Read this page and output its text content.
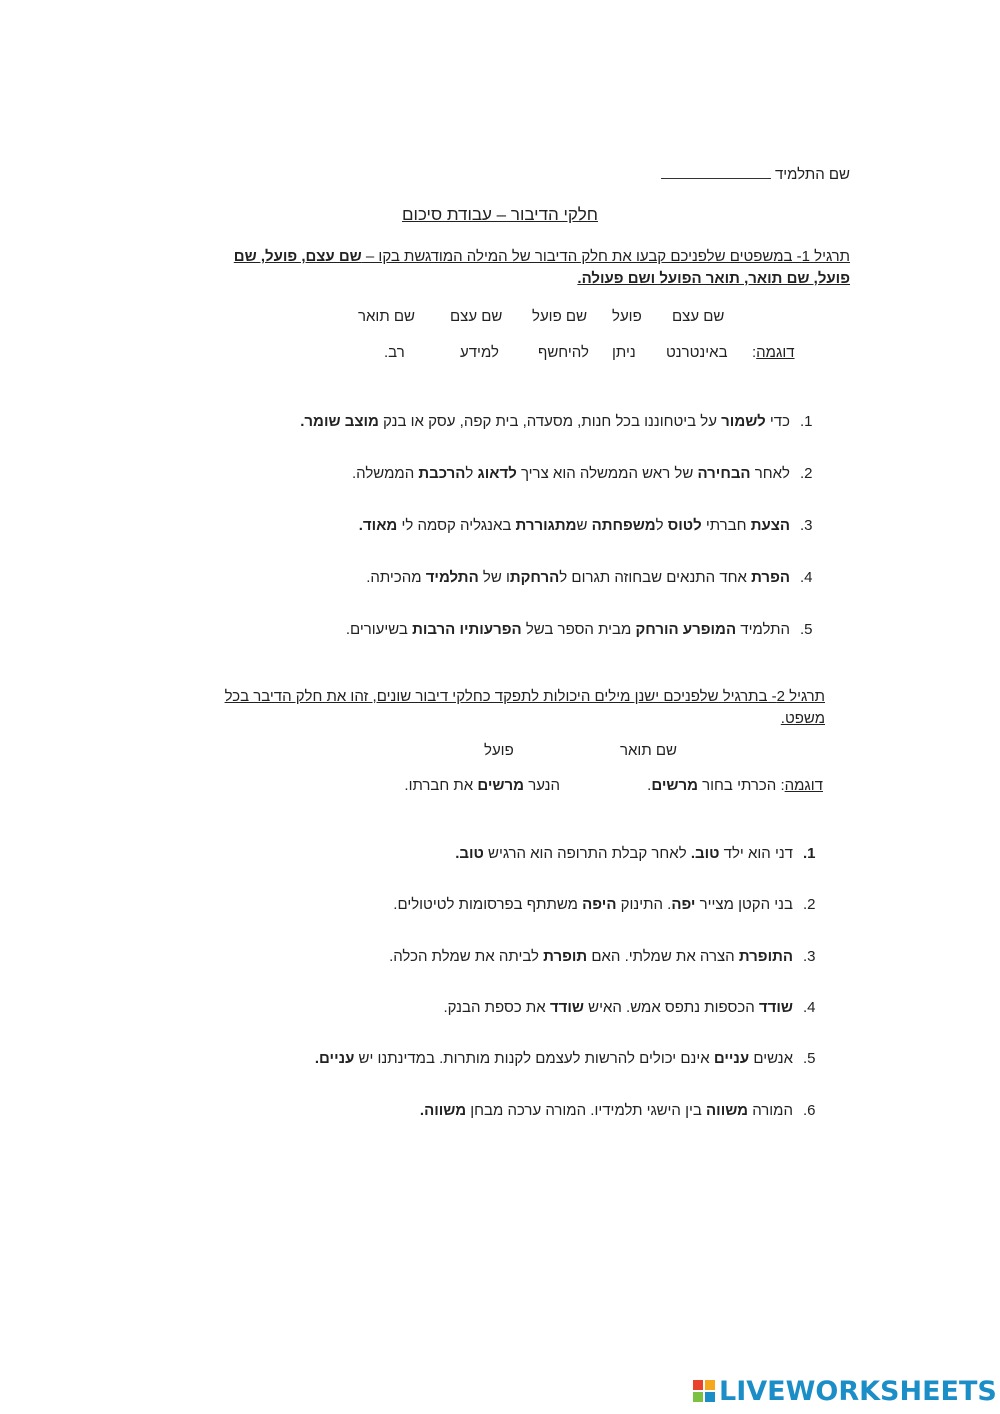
שם התלמיד
חלקי הדיבור – עבודת סיכום
תרגיל 1- במשפטים שלפניכם קבעו את חלק הדיבור של המילה המודגשת בקו – שם עצם, פועל, שם
פועל, שם תואר, תואר הפועל ושם פעולה.
שם עצם
פועל
שם פועל
שם עצם
שם תואר
דוגמה:
באינטרנט
ניתן
להיחשף
למידע
רב.
1.כדי לשמור על ביטחוננו בכל חנות, מסעדה, בית קפה, עסק או בנק מוצב שומר.
2.לאחר הבחירה של ראש הממשלה הוא צריך לדאוג להרכבת הממשלה.
3.הצעת חברתי לטוס למשפחתה שמתגוררת באנגליה קסמה לי מאוד.
4.הפרת אחד התנאים שבחוזה תגרום להרחקתו של התלמיד מהכיתה.
5.התלמיד המופרע הורחק מבית הספר בשל הפרעותיו הרבות בשיעורים.
תרגיל 2- בתרגיל שלפניכם ישנן מילים היכולות לתפקד כחלקי דיבור שונים, זהו את חלק הדיבר בכל
משפט.
שם תואר
פועל
דוגמה: הכרתי בחור מרשים.
הנער מרשים את חברתו.
1.דני הוא ילד טוב. לאחר קבלת התרופה הוא הרגיש טוב.
2.בני הקטן מצייר יפה. התינוק היפה משתתף בפרסומות לטיטולים.
3.התופרת הצרה את שמלתי. האם תופרת לביתה את שמלת הכלה.
4.שודד הכספות נתפס אמש. האיש שודד את כספת הבנק.
5.אנשים עניים אינם יכולים להרשות לעצמם לקנות מותרות. במדינתנו יש עניים.
6.המורה משווה בין הישגי תלמידיו. המורה ערכה מבחן משווה.
LIVEWORKSHEETS
